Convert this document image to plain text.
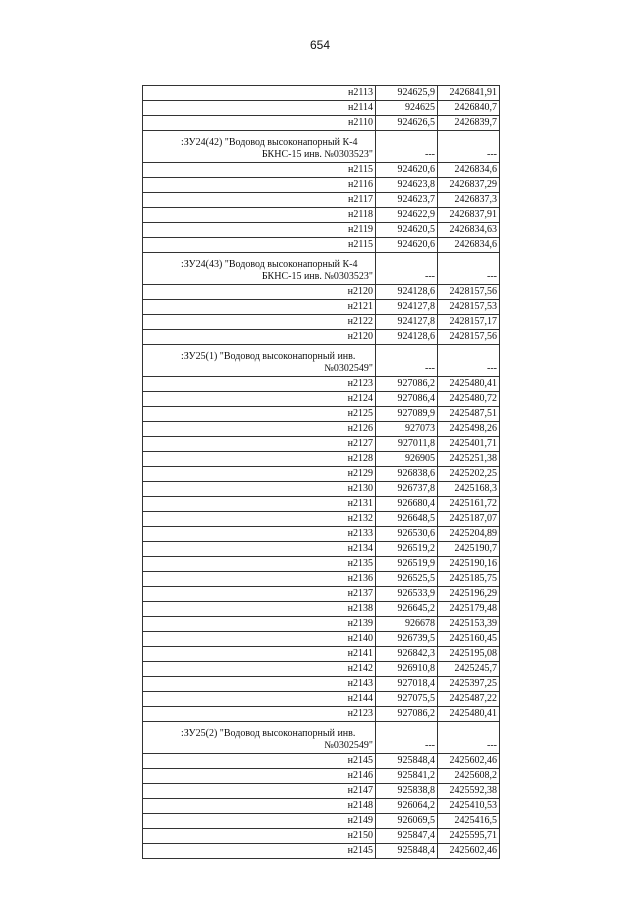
654
н2113	924625,9	2426841,91
н2114	924625	2426840,7
н2110	924626,5	2426839,7

:ЗУ24(42) "Водовод высоконапорный К-4
БКНС-15 инв. №0303523"	---	---
н2115	924620,6	2426834,6
н2116	924623,8	2426837,29
н2117	924623,7	2426837,3
н2118	924622,9	2426837,91
н2119	924620,5	2426834,63
н2115	924620,6	2426834,6

:ЗУ24(43) "Водовод высоконапорный К-4
БКНС-15 инв. №0303523"	---	---
н2120	924128,6	2428157,56
н2121	924127,8	2428157,53
н2122	924127,8	2428157,17
н2120	924128,6	2428157,56

:ЗУ25(1) "Водовод высоконапорный инв.
№0302549"	---	---
н2123	927086,2	2425480,41
н2124	927086,4	2425480,72
н2125	927089,9	2425487,51
н2126	927073	2425498,26
н2127	927011,8	2425401,71
н2128	926905	2425251,38
н2129	926838,6	2425202,25
н2130	926737,8	2425168,3
н2131	926680,4	2425161,72
н2132	926648,5	2425187,07
н2133	926530,6	2425204,89
н2134	926519,2	2425190,7
н2135	926519,9	2425190,16
н2136	926525,5	2425185,75
н2137	926533,9	2425196,29
н2138	926645,2	2425179,48
н2139	926678	2425153,39
н2140	926739,5	2425160,45
н2141	926842,3	2425195,08
н2142	926910,8	2425245,7
н2143	927018,4	2425397,25
н2144	927075,5	2425487,22
н2123	927086,2	2425480,41

:ЗУ25(2) "Водовод высоконапорный инв.
№0302549"	---	---
н2145	925848,4	2425602,46
н2146	925841,2	2425608,2
н2147	925838,8	2425592,38
н2148	926064,2	2425410,53
н2149	926069,5	2425416,5
н2150	925847,4	2425595,71
н2145	925848,4	2425602,46
